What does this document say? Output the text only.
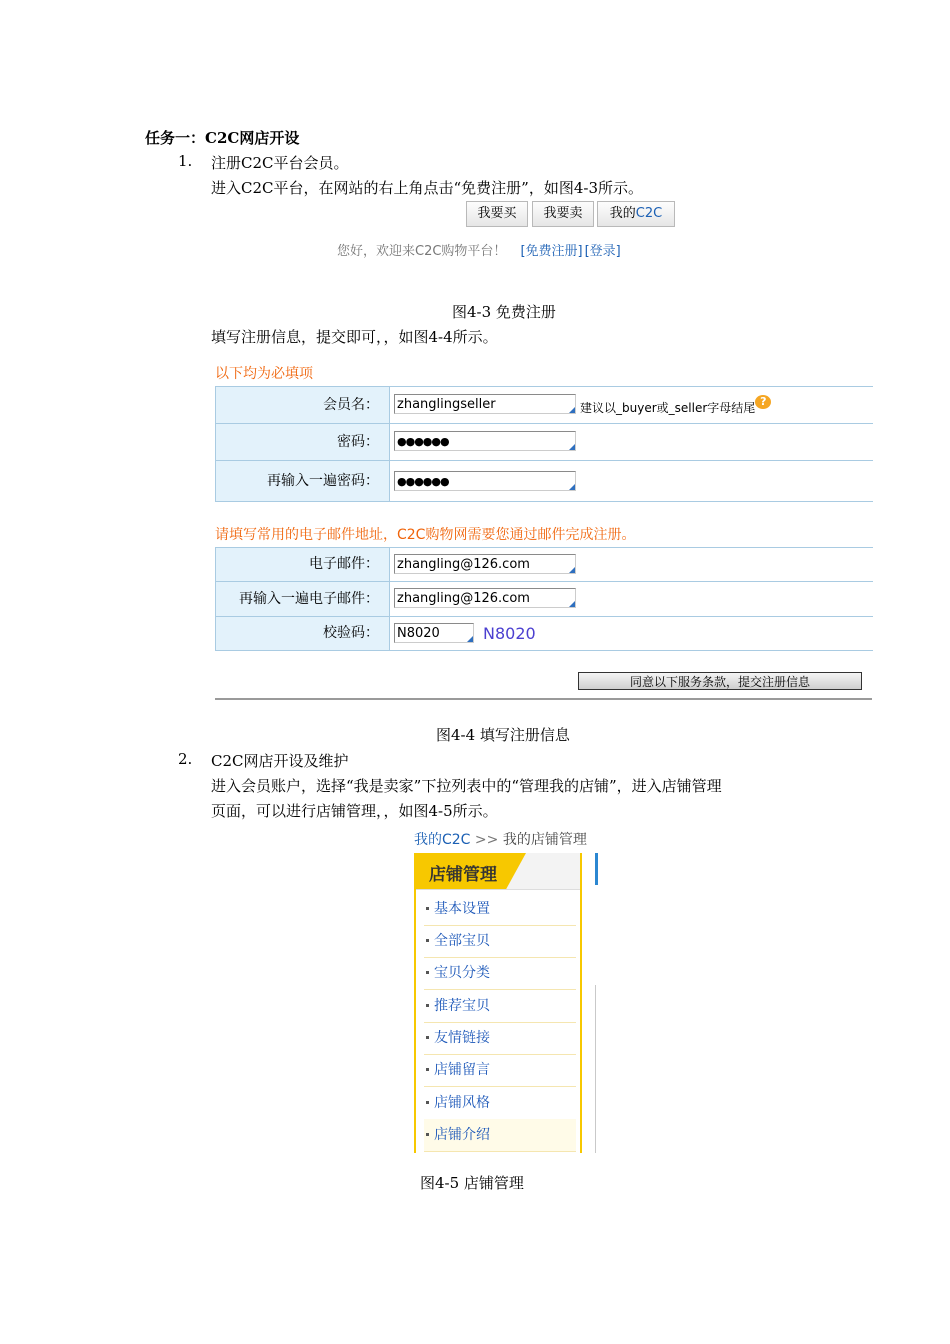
任务一：C2C网店开设
1. 注册C2C平台会员。
进入C2C平台，在网站的右上角点击“免费注册”，如图4-3所示。
我要买	我要卖	我的C2C
您好，欢迎来C2C购物平台！ [免费注册] [登录]
图4-3 免费注册
填写注册信息，提交即可，，如图4-4所示。
以下均为必填项
会员名：	zhanglingseller	建议以_buyer或_seller字母结尾 ?
密码：	●●●●●●
再输入一遍密码：	●●●●●●
请填写常用的电子邮件地址，C2C购物网需要您通过邮件完成注册。
电子邮件：	zhangling@126.com
再输入一遍电子邮件：	zhangling@126.com
校验码：	N8020	N8020
同意以下服务条款，提交注册信息
图4-4 填写注册信息
2. C2C网店开设及维护
进入会员账户，选择“我是卖家”下拉列表中的“管理我的店铺”，进入店铺管理
页面，可以进行店铺管理，，如图4-5所示。
我的C2C >> 我的店铺管理
店铺管理
基本设置
全部宝贝
宝贝分类
推荐宝贝
友情链接
店铺留言
店铺风格
店铺介绍
图4-5 店铺管理
